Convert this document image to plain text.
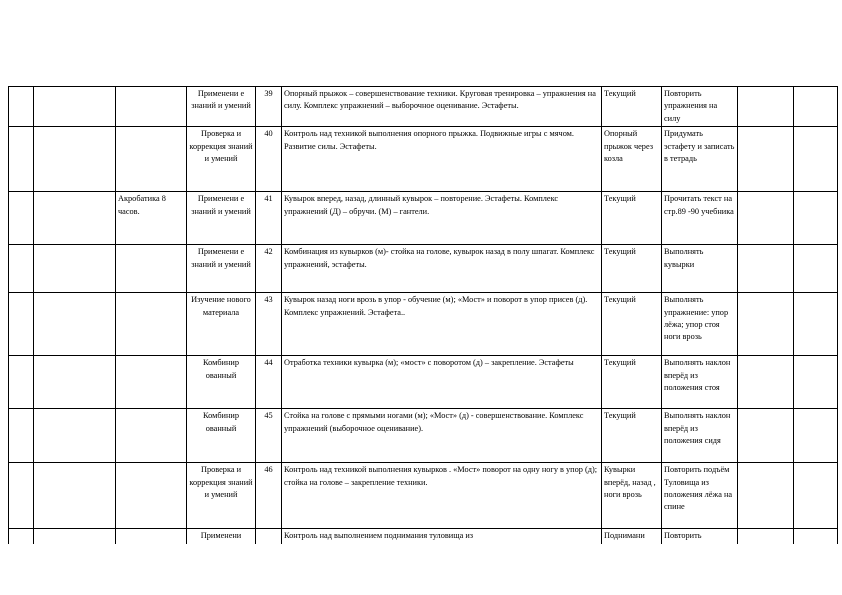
			Применени е знаний и умений	39	Опорный прыжок – совершенствование техники. Круговая тренировка – упражнения на силу. Комплекс упражнений – выборочное оценивание. Эстафеты.	Текущий	Повторить упражнения на силу		
			Проверка и коррекция знаний и умений	40	Контроль над техникой выполнения опорного прыжка. Подвижные игры с мячом. Развитие силы. Эстафеты.	Опорный прыжок через козла	Придумать эстафету и записать в тетрадь		
		Акробатика 8 часов.	Применени е знаний и умений	41	Кувырок вперед, назад, длинный кувырок – повторение. Эстафеты. Комплекс упражнений (Д) – обручи. (М) – гантели.	Текущий	Прочитать текст на стр.89 -90 учебника		
			Применени е знаний и умений	42	Комбинация из кувырков (м)- стойка на голове, кувырок назад в полу шпагат. Комплекс упражнений, эстафеты.	Текущий	Выполнять кувырки		
			Изучение нового материала	43	Кувырок назад ноги врозь в упор - обучение (м); «Мост» и поворот в упор присев (д). Комплекс упражнений. Эстафета..	Текущий	Выполнять упражнение: упор лёжа; упор стоя ноги врозь		
			Комбинир ованный	44	Отработка техники кувырка (м); «мост» с поворотом (д) – закрепление. Эстафеты	Текущий	Выполнять наклон вперёд из положения стоя		
			Комбинир ованный	45	Стойка на голове с прямыми ногами (м); «Мост» (д) - совершенствование. Комплекс упражнений (выборочное оценивание).	Текущий	Выполнять наклон вперёд из положения сидя		
			Проверка и коррекция знаний и умений	46	Контроль над техникой выполнения кувырков . «Мост» поворот на одну ногу в упор (д); стойка на голове – закрепление техники.	Кувырки вперёд, назад , ноги врозь	Повторить подъём Туловища из положения лёжа на спине		
			Применени		Контроль над выполнением поднимания туловища из	Поднимани	Повторить		
